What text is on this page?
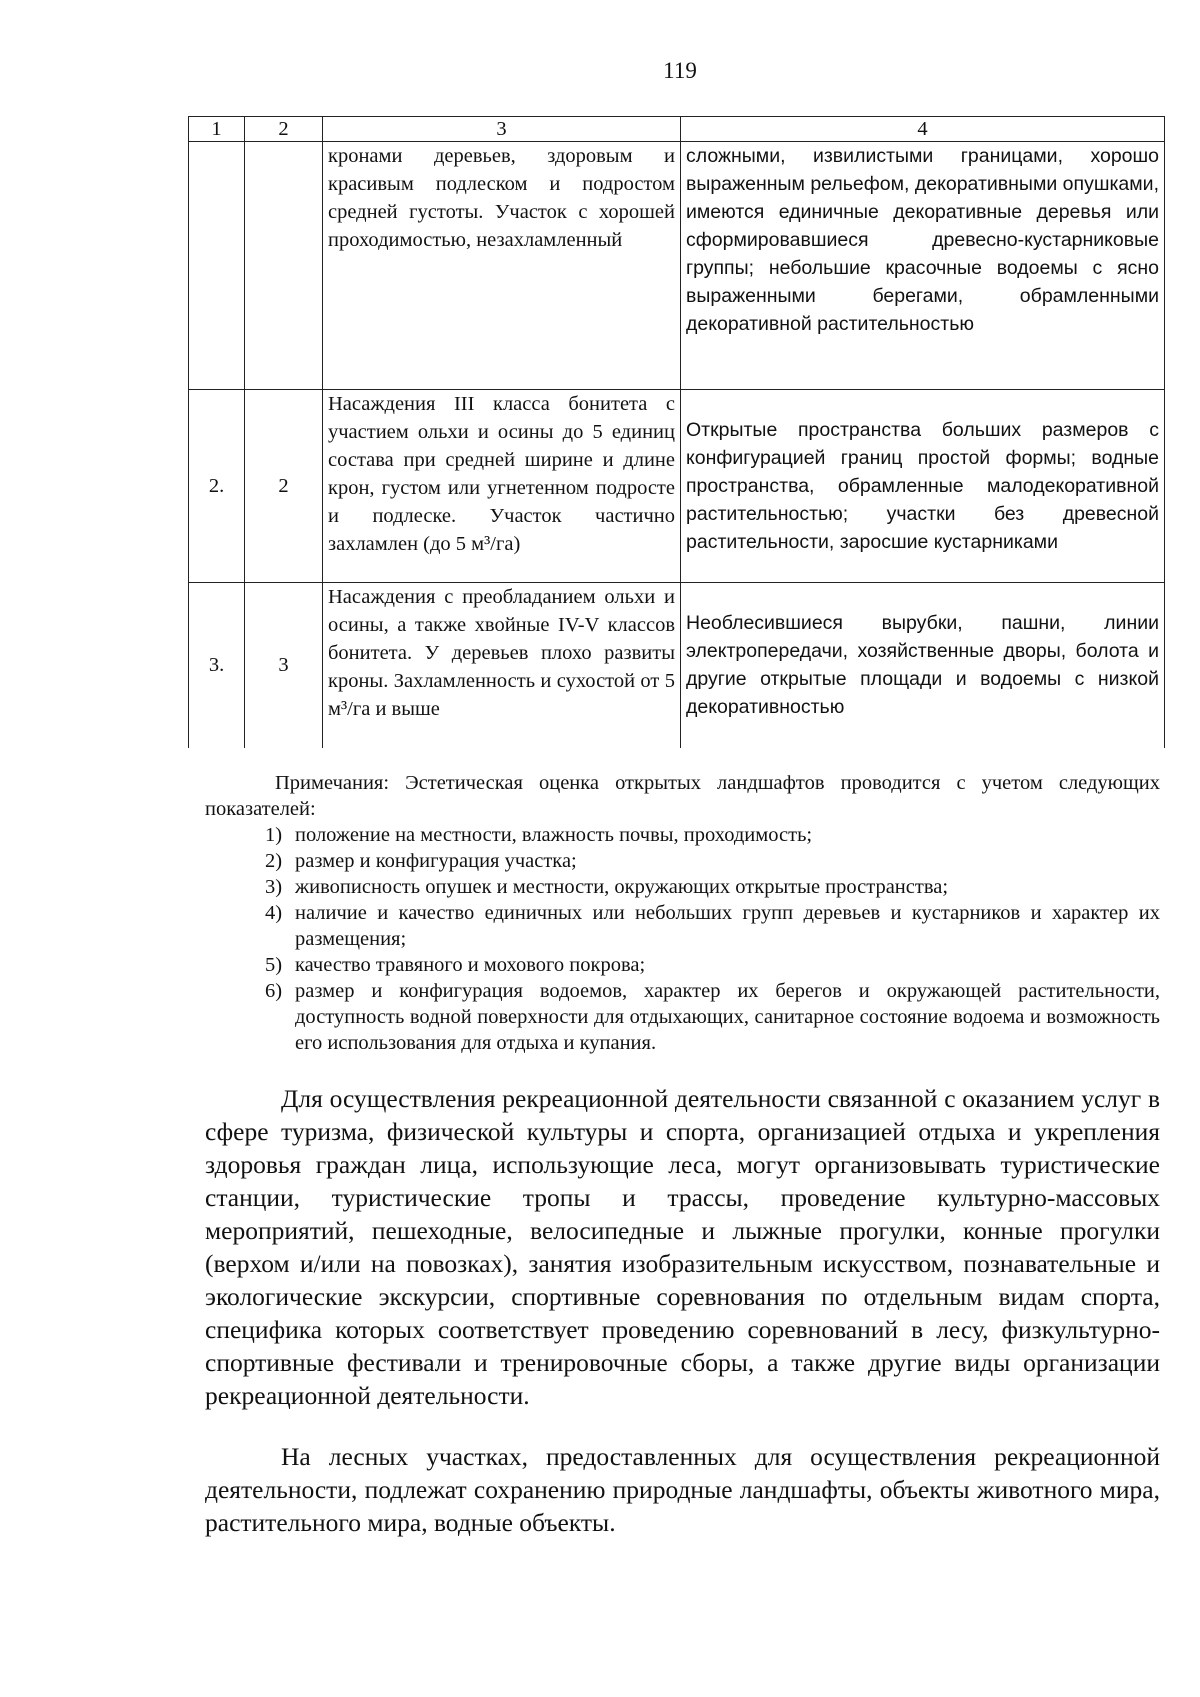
119
1	2	3	4
		кронами деревьев, здоровым и красивым подлеском и подростом средней густоты. Участок с хорошей проходимостью, незахламленный	сложными, извилистыми границами, хорошо выраженным рельефом, декоративными опушками, имеются единичные декоративные деревья или сформировавшиеся древесно-кустарниковые группы; небольшие красочные водоемы с ясно выраженными берегами, обрамленными декоративной растительностью
2.	2	Насаждения III класса бонитета с участием ольхи и осины до 5 единиц состава при средней ширине и длине крон, густом или угнетенном подросте и подлеске. Участок частично захламлен (до 5 м³/га)	Открытые пространства больших размеров с конфигурацией границ простой формы; водные пространства, обрамленные малодекоративной растительностью; участки без древесной растительности, заросшие кустарниками
3.	3	Насаждения с преобладанием ольхи и осины, а также хвойные IV-V классов бонитета. У деревьев плохо развиты кроны. Захламленность и сухостой от 5 м³/га и выше	Необлесившиеся вырубки, пашни, линии электропередачи, хозяйственные дворы, болота и другие открытые площади и водоемы с низкой декоративностью

Примечания: Эстетическая оценка открытых ландшафтов проводится с учетом следующих показателей:

1) положение на местности, влажность почвы, проходимость;
2) размер и конфигурация участка;
3) живописность опушек и местности, окружающих открытые пространства;
4) наличие и качество единичных или небольших групп деревьев и кустарников и характер их размещения;
5) качество травяного и мохового покрова;
6) размер и конфигурация водоемов, характер их берегов и окружающей растительности, доступность водной поверхности для отдыхающих, санитарное состояние водоема и возможность его использования для отдыха и купания.

Для осуществления рекреационной деятельности связанной с оказанием услуг в сфере туризма, физической культуры и спорта, организацией отдыха и укрепления здоровья граждан лица, использующие леса, могут организовывать туристические станции, туристические тропы и трассы, проведение культурно-массовых мероприятий, пешеходные, велосипедные и лыжные прогулки, конные прогулки (верхом и/или на повозках), занятия изобразительным искусством, познавательные и экологические экскурсии, спортивные соревнования по отдельным видам спорта, специфика которых соответствует проведению соревнований в лесу, физкультурно-спортивные фестивали и тренировочные сборы, а также другие виды организации рекреационной деятельности.

На лесных участках, предоставленных для осуществления рекреационной деятельности, подлежат сохранению природные ландшафты, объекты животного мира, растительного мира, водные объекты.
